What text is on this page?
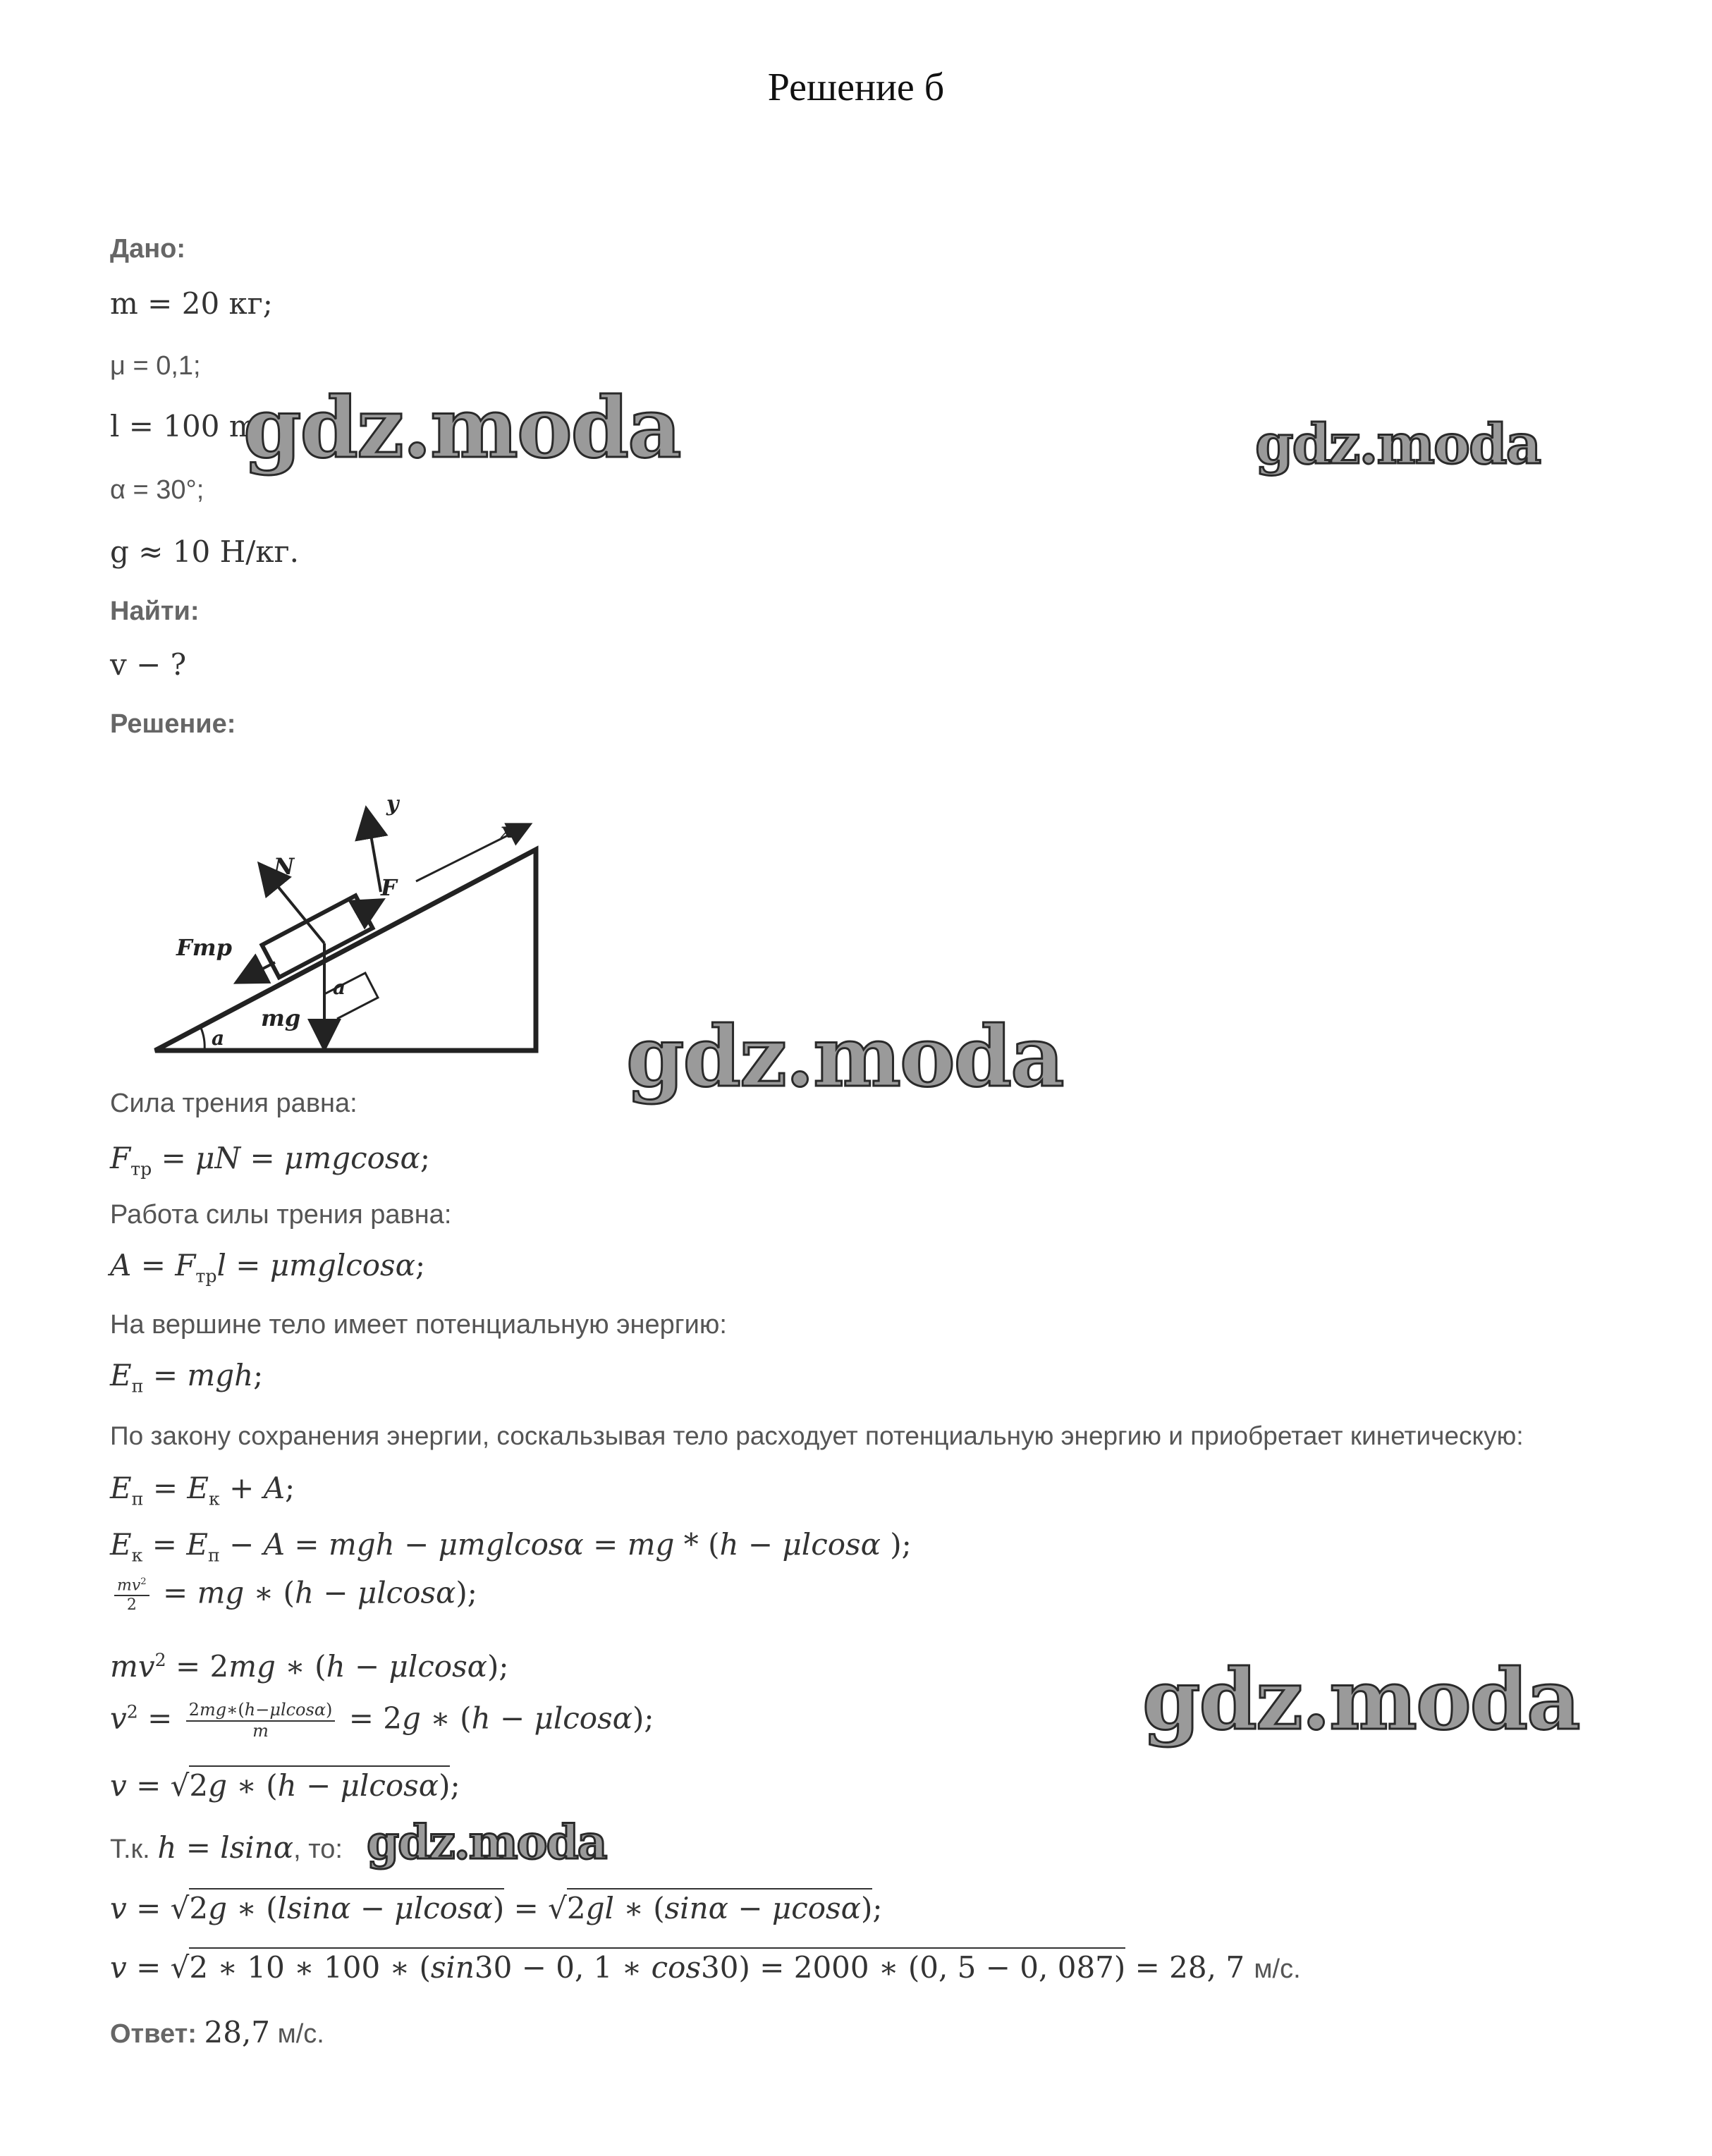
Решение б
Дано:
m = 20 кг;
μ = 0,1;
l = 100 m;
α = 30°;
g ≈ 10 Н/кг.
Найти:
v − ?
Решение:
y
x
N
F
Fmp
mg
a
a
Сила трения равна:
$F_{тр} = \mu N = \mu mgcos\alpha$;
Работа силы трения равна:
$A = F_{тр}l = \mu mglcos\alpha$;
На вершине тело имеет потенциальную энергию:
$E_п$ = mgh;
По закону сохранения энергии, соскальзывая тело расходует потенциальную энергию и приобретает кинетическую:
$E_п = E_к + A$;
$E_к = E_п - A$ = mgh − μmglcosα = mg * (h − μlcosα );
$\frac{mv^2}{2}$ = mg ∗ (h − μlcosα);
$mv^2 = 2mg$ ∗ (h − μlcosα);
$v^2 = \frac{2mg∗(h-\mu lcos\alpha)}{m} = 2g$ ∗ (h − μlcosα);
v = √2g ∗ (h − μlcosα);
Т.к. h = lsinα, то:
v = √2g ∗ (lsinα − μlcosα) = √2gl ∗ (sinα − μcosα);
v = √2 ∗ 10 ∗ 100 ∗ (sin30 − 0, 1 ∗ cos30) = 2000 ∗ (0, 5 − 0, 087) = 28, 7 м/с.
Ответ: 28,7 м/с.
gdz.moda	gdz.moda
gdz.moda
gdz.moda
gdz.moda
